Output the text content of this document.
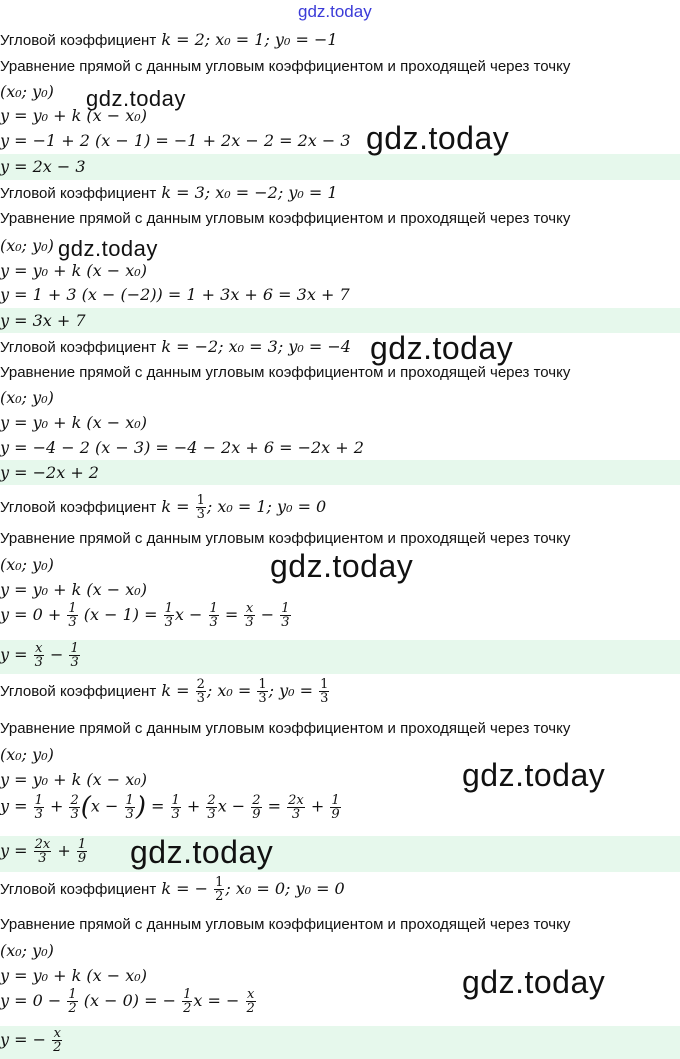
gdz.today
Угловой коэффициент k = 2; x₀ = 1; y₀ = −1
Уравнение прямой с данным угловым коэффициентом и проходящей через точку
(x₀; y₀)
y = y₀ + k (x − x₀)
y = −1 + 2 (x − 1) = −1 + 2x − 2 = 2x − 3
y = 2x − 3
gdz.today
gdz.today
Угловой коэффициент k = 3; x₀ = −2; y₀ = 1
Уравнение прямой с данным угловым коэффициентом и проходящей через точку
(x₀; y₀)
y = y₀ + k (x − x₀)
y = 1 + 3 (x − (−2)) = 1 + 3x + 6 = 3x + 7
y = 3x + 7
gdz.today
Угловой коэффициент k = −2; x₀ = 3; y₀ = −4
Уравнение прямой с данным угловым коэффициентом и проходящей через точку
(x₀; y₀)
y = y₀ + k (x − x₀)
y = −4 − 2 (x − 3) = −4 − 2x + 6 = −2x + 2
y = −2x + 2
gdz.today
Угловой коэффициент $k = \frac{1}{3}$ ; x₀ = 1; y₀ = 0
Уравнение прямой с данным угловым коэффициентом и проходящей через точку
(x₀; y₀)
y = y₀ + k (x − x₀)
$y = 0 + \frac{1}{3} (x - 1) = \frac{1}{3}$ $x - \frac{1}{3} = \frac{x}{3} - \frac{1}{3}$
$y = \frac{x}{3} - \frac{1}{3}$
gdz.today
Угловой коэффициент $k = \frac{2}{3}$ ; $x_0 = \frac{1}{3}$ ; $y_0 = \frac{1}{3}$
Уравнение прямой с данным угловым коэффициентом и проходящей через точку
(x₀; y₀)
y = y₀ + k (x − x₀)
$y = \frac{1}{3} + \frac{2}{3} (x - \frac{1}{3}$ ) = $\frac{1}{3} + \frac{2}{3}$ $x - \frac{2}{9} = \frac{2x}{3} + \frac{1}{9}$
$y = \frac{2x}{3} + \frac{1}{9}$
gdz.today
gdz.today
Угловой коэффициент k = − $\frac{1}{2}$ ; x₀ = 0; y₀ = 0
Уравнение прямой с данным угловым коэффициентом и проходящей через точку
(x₀; y₀)
y = y₀ + k (x − x₀)
$y = 0 - \frac{1}{2} (x - 0)$ = − $\frac{1}{2}$ x = − $\frac{x}{2}$
y = − $\frac{x}{2}$
gdz.today
